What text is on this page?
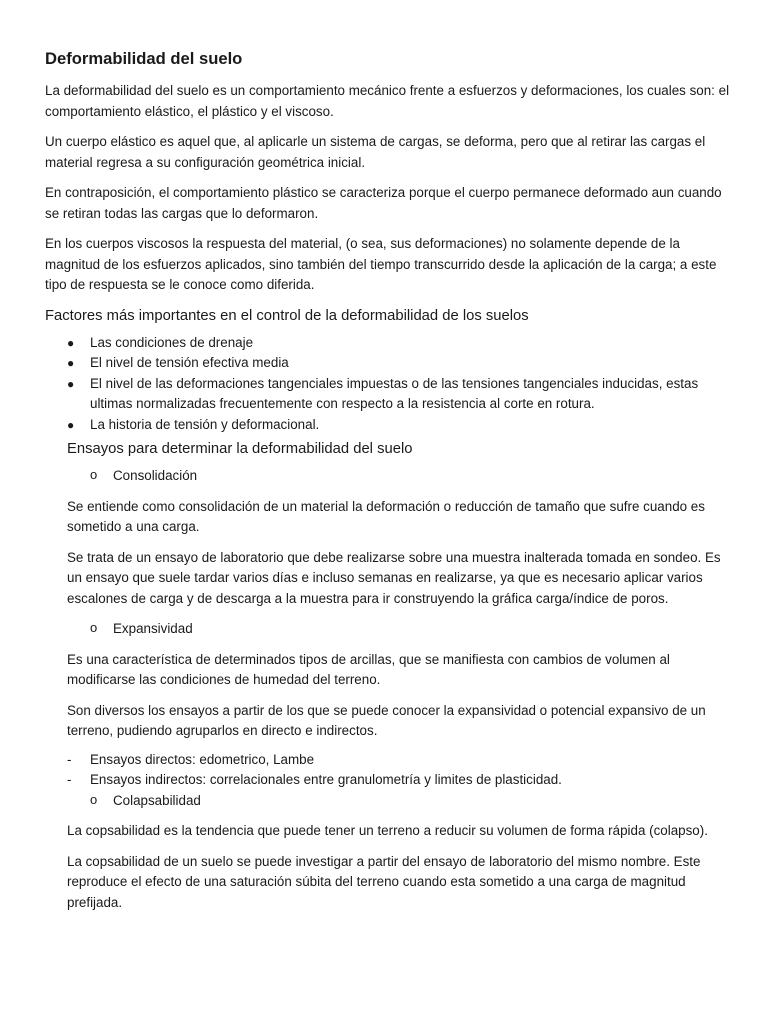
Deformabilidad del suelo

La deformabilidad del suelo es un comportamiento mecánico frente a esfuerzos y deformaciones, los cuales son: el comportamiento elástico, el plástico y el viscoso.

Un cuerpo elástico es aquel que, al aplicarle un sistema de cargas, se deforma, pero que al retirar las cargas el material regresa a su configuración geométrica inicial.

En contraposición, el comportamiento plástico se caracteriza porque el cuerpo permanece deformado aun cuando se retiran todas las cargas que lo deformaron.

En los cuerpos viscosos la respuesta del material, (o sea, sus deformaciones) no solamente depende de la magnitud de los esfuerzos aplicados, sino también del tiempo transcurrido desde la aplicación de la carga; a este tipo de respuesta se le conoce como diferida.

Factores más importantes en el control de la deformabilidad de los suelos
● Las condiciones de drenaje
● El nivel de tensión efectiva media
● El nivel de las deformaciones tangenciales impuestas o de las tensiones tangenciales inducidas, estas ultimas normalizadas frecuentemente con respecto a la resistencia al corte en rotura.
● La historia de tensión y deformacional.
Ensayos para determinar la deformabilidad del suelo
o Consolidación

Se entiende como consolidación de un material la deformación o reducción de tamaño que sufre cuando es sometido a una carga.

Se trata de un ensayo de laboratorio que debe realizarse sobre una muestra inalterada tomada en sondeo. Es un ensayo que suele tardar varios días e incluso semanas en realizarse, ya que es necesario aplicar varios escalones de carga y de descarga a la muestra para ir construyendo la gráfica carga/índice de poros.

o Expansividad

Es una característica de determinados tipos de arcillas, que se manifiesta con cambios de volumen al modificarse las condiciones de humedad del terreno.

Son diversos los ensayos a partir de los que se puede conocer la expansividad o potencial expansivo de un terreno, pudiendo agruparlos en directo e indirectos.

- Ensayos directos: edometrico, Lambe
- Ensayos indirectos: correlacionales entre granulometría y limites de plasticidad.
o Colapsabilidad

La copsabilidad es la tendencia que puede tener un terreno a reducir su volumen de forma rápida (colapso).

La copsabilidad de un suelo se puede investigar a partir del ensayo de laboratorio del mismo nombre. Este reproduce el efecto de una saturación súbita del terreno cuando esta sometido a una carga de magnitud prefijada.
